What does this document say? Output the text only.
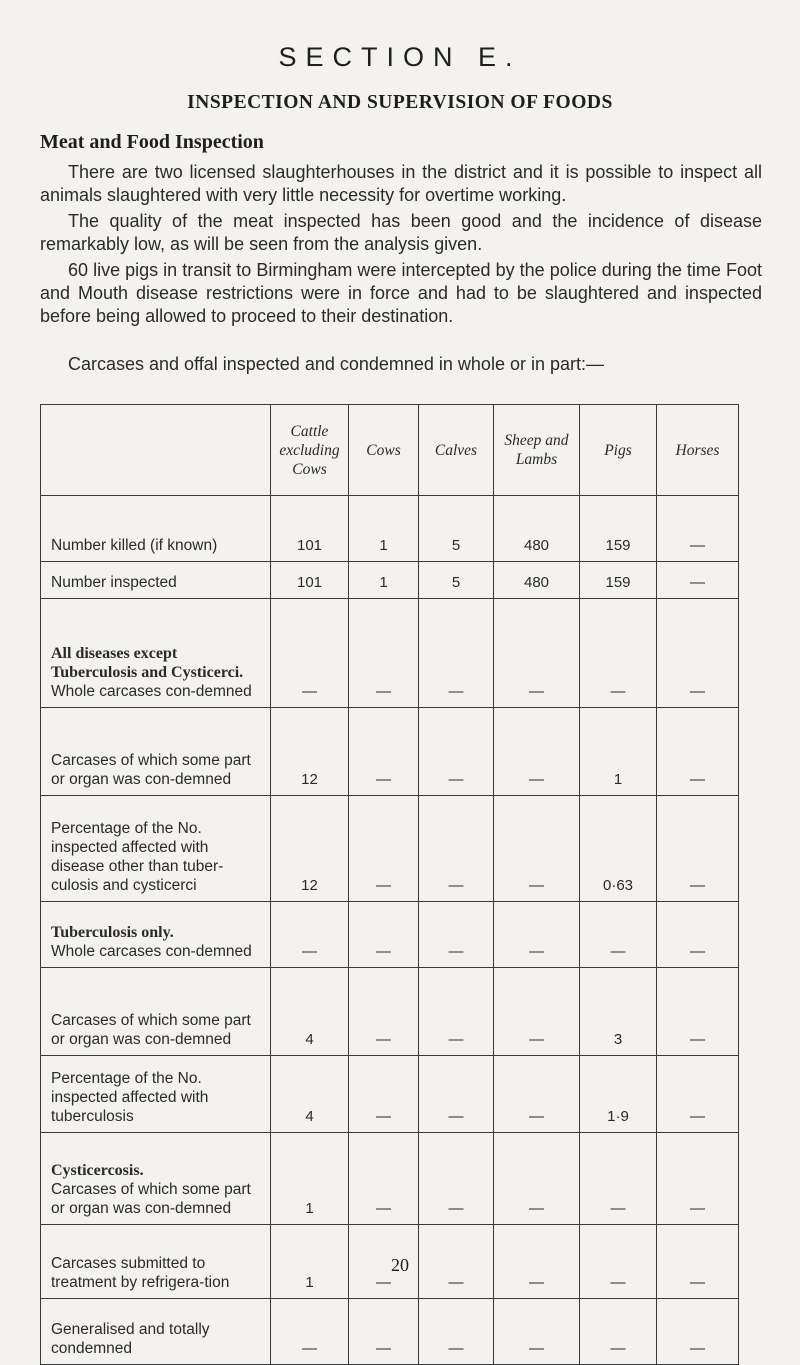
SECTION E.
INSPECTION AND SUPERVISION OF FOODS
Meat and Food Inspection
There are two licensed slaughterhouses in the district and it is possible to inspect all animals slaughtered with very little necessity for overtime working.
The quality of the meat inspected has been good and the incidence of disease remarkably low, as will be seen from the analysis given.
60 live pigs in transit to Birmingham were intercepted by the police during the time Foot and Mouth disease restrictions were in force and had to be slaughtered and inspected before being allowed to proceed to their destination.
Carcases and offal inspected and condemned in whole or in part:—
	Cattle excluding Cows	Cows	Calves	Sheep and Lambs	Pigs	Horses

Number killed (if known)	101	1	5	480	159	—

Number inspected	101	1	5	480	159	—

All diseases except Tuberculosis and Cysticerci.
Whole carcases con-demned	—	—	—	—	—	—

Carcases of which some part or organ was con-demned	12	—	—	—	1	—

Percentage of the No. inspected affected with disease other than tuber-culosis and cysticerci	12	—	—	—	0·63	—

Tuberculosis only.
Whole carcases con-demned	—	—	—	—	—	—

Carcases of which some part or organ was con-demned	4	—	—	—	3	—

Percentage of the No. inspected affected with tuberculosis	4	—	—	—	1·9	—

Cysticercosis.
Carcases of which some part or organ was con-demned	1	—	—	—	—	—

Carcases submitted to treatment by refrigera-tion	1	—	—	—	—	—

Generalised and totally condemned	—	—	—	—	—	—
20
